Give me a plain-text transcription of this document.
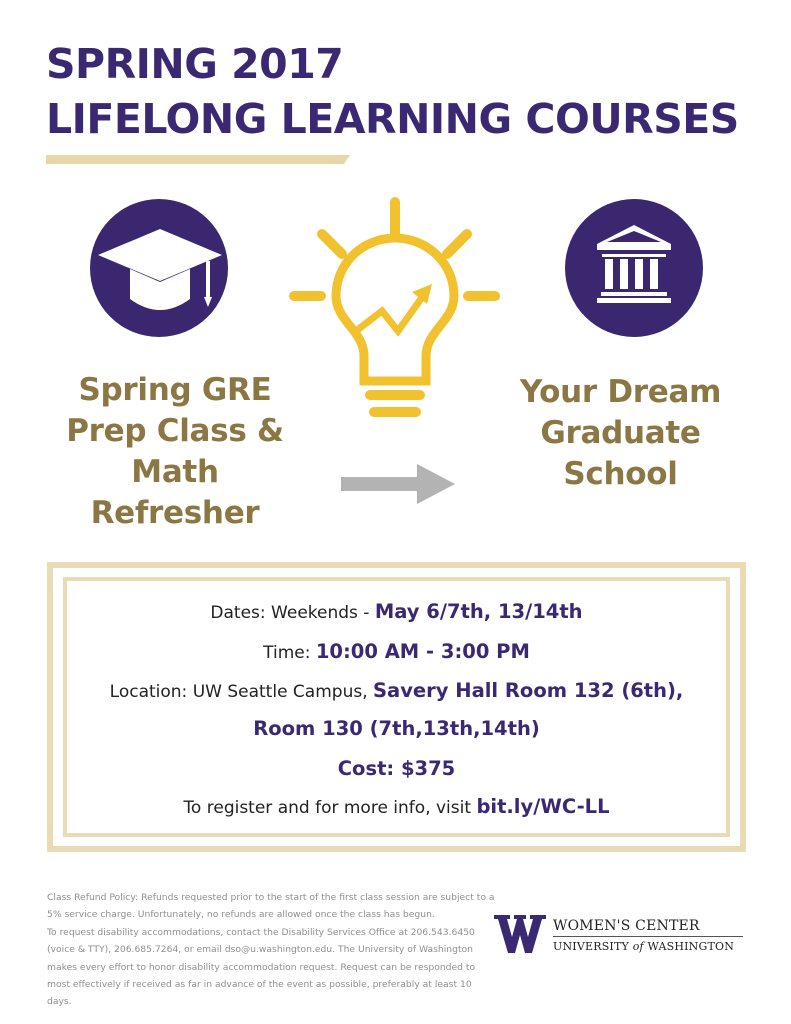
SPRING 2017
LIFELONG LEARNING COURSES
Spring GRE
Prep Class &
Math
Refresher
Your Dream
Graduate
School
Dates: Weekends - May 6/7th, 13/14th
Time: 10:00 AM - 3:00 PM
Location: UW Seattle Campus, Savery Hall Room 132 (6th),
Room 130 (7th,13th,14th)
Cost: $375
To register and for more info, visit bit.ly/WC-LL

Class Refund Policy: Refunds requested prior to the start of the first class session are subject to a 5% service charge. Unfortunately, no refunds are allowed once the class has begun.

To request disability accommodations, contact the Disability Services Office at 206.543.6450 (voice & TTY), 206.685.7264, or email dso@u.washington.edu. The University of Washington makes every effort to honor disability accommodation request. Request can be responded to most effectively if received as far in advance of the event as possible, preferably at least 10 days.

WOMEN'S CENTER
UNIVERSITY of WASHINGTON
